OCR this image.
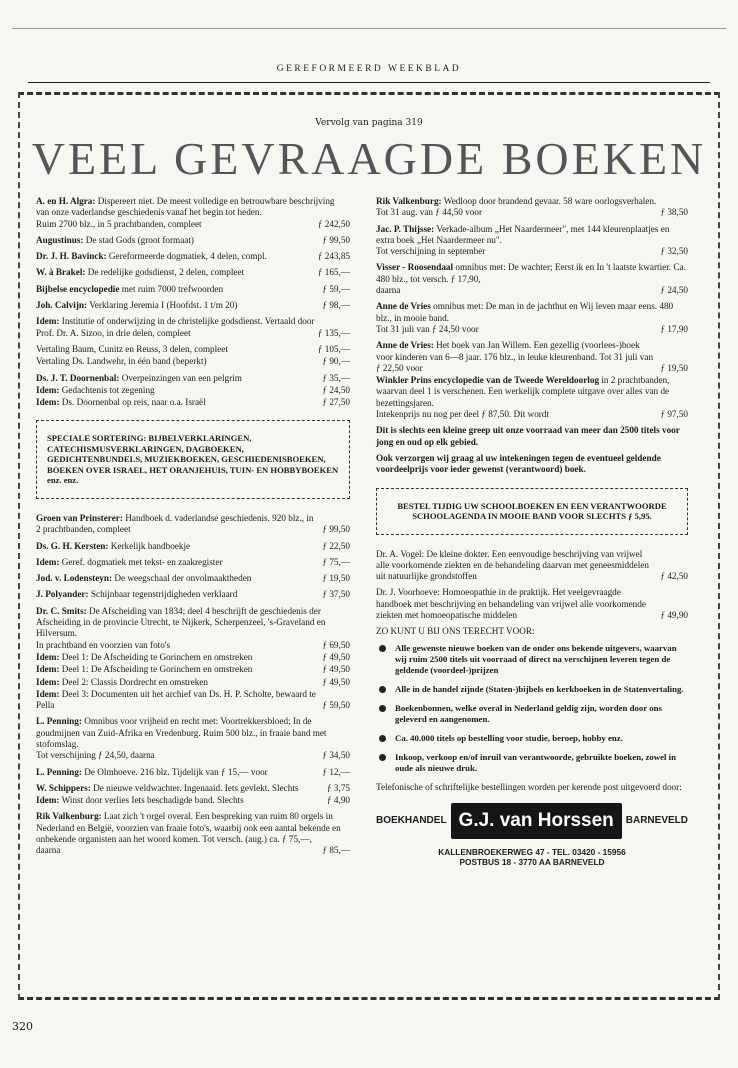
GEREFORMEERD WEEKBLAD
Vervolg van pagina 319
VEEL GEVRAAGDE BOEKEN
A. en H. Algra: Dispereert niet. De meest volledige en betrouwbare beschrijving van onze vaderlandse geschiedenis vanaf het begin tot heden.
Ruim 2700 blz., in 5 prachtbanden, compleet	ƒ 242,50
Augustinus: De stad Gods (groot formaat)	ƒ 99,50
Dr. J. H. Bavinck: Gereformeerde dogmatiek, 4 delen, compl.	ƒ 243,85
W. à Brakel: De redelijke godsdienst, 2 delen, compleet	ƒ 165,—
Bijbelse encyclopedie met ruim 7000 trefwoorden	ƒ 59,—
Joh. Calvijn: Verklaring Jeremia I (Hoofdst. 1 t/m 20)	ƒ 98,—
Idem: Institutie of onderwijzing in de christelijke godsdienst. Vertaald door Prof. Dr. A. Sizoo, in drie delen, compleet	ƒ 135,—
Vertaling Baum, Cunitz en Reuss, 3 delen, compleet	ƒ 105,—
Vertaling Ds. Landwehr, in één band (beperkt)	ƒ 90,—
Ds. J. T. Doornenbal: Overpeinzingen van een pelgrim	ƒ 35,—
Idem: Gedachtenis tot zegening	ƒ 24,50
Idem: Ds. Doornenbal op reis, naar o.a. Israël	ƒ 27,50
SPECIALE SORTERING: BIJBELVERKLARINGEN, CATECHISMUSVERKLARINGEN, DAGBOEKEN, GEDICHTENBUNDELS, MUZIEKBOEKEN, GESCHIEDENISBOEKEN, BOEKEN OVER ISRAEL, HET ORANJEHUIS, TUIN- EN HOBBYBOEKEN enz. enz.
Groen van Prinsterer: Handboek d. vaderlandse geschiedenis. 920 blz., in 2 prachtbanden, compleet	ƒ 99,50
Ds. G. H. Kersten: Kerkelijk handboekje	ƒ 22,50
Idem: Geref. dogmatiek met tekst- en zaakregister	ƒ 75,—
Jod. v. Lodensteyn: De weegschaal der onvolmaaktheden	ƒ 19,50
J. Polyander: Schijnbaar tegenstrijdigheden verklaard	ƒ 37,50
Dr. C. Smits: De Afscheiding van 1834; deel 4 beschrijft de geschiedenis der Afscheiding in de provincie Utrecht, te Nijkerk, Scherpenzeel, 's-Graveland en Hilversum.
In prachtband en voorzien van foto's	ƒ 69,50
Idem: Deel 1: De Afscheiding te Gorinchem en omstreken	ƒ 49,50
Idem: Deel 1: De Afscheiding te Gorinchem en omstreken	ƒ 49,50
Idem: Deel 2: Classis Dordrecht en omstreken	ƒ 49,50
Idem: Deel 3: Documenten uit het archief van Ds. H. P. Scholte, bewaard te Pella	ƒ 59,50
L. Penning: Omnibus voor vrijheid en recht met: Voortrekkersbloed; In de goudmijnen van Zuid-Afrika en Vredenburg. Ruim 500 blz., in fraaie band met stofomslag.
Tot verschijning ƒ 24,50, daarna	ƒ 34,50
L. Penning: De Olmhoeve. 216 blz. Tijdelijk van ƒ 15,— voor	ƒ 12,—
W. Schippers: De nieuwe veldwachter. Ingenaaid. Iets gevlekt. Slechts	ƒ 3,75
Idem: Winst door verlies Iets beschadigde band. Slechts	ƒ 4,90
Rik Valkenburg: Laat zich 't orgel overal. Een bespreking van ruim 80 orgels in Nederland en België, voorzien van fraaie foto's, waarbij ook een aantal bekende en onbekende organisten aan het woord komen. Tot versch. (aug.) ca. ƒ 75,—,
daarna	ƒ 85,—
Rik Valkenburg: Wedloop door brandend gevaar. 58 ware oorlogsverhalen. Tot 31 aug. van ƒ 44,50 voor	ƒ 38,50
Jac. P. Thijsse: Verkade-album „Het Naardermeer", met 144 kleurenplaatjes en extra boek „Het Naardermeer nu".
Tot verschijning in september	ƒ 32,50
Visser - Roosendaal omnibus met: De wachter; Eerst ik en In 't laatste kwartier. Ca. 480 blz., tot versch. ƒ 17,90,
daarna	ƒ 24,50
Anne de Vries omnibus met: De man in de jachthut en Wij leven maar eens. 480 blz., in mooie band.
Tot 31 juli van ƒ 24,50 voor	ƒ 17,90
Anne de Vries: Het boek van Jan Willem. Een gezellig (voorlees-)boek voor kinderen van 6—8 jaar. 176 blz., in leuke kleurenband. Tot 31 juli van ƒ 22,50 voor	ƒ 19,50
Winkler Prins encyclopedie van de Tweede Wereldoorlog in 2 prachtbanden, waarvan deel 1 is verschenen. Een werkelijk complete uitgave over alles van de bezettingsjaren.
Intekenprijs nu nog per deel ƒ 87,50. Dit wordt	ƒ 97,50
Dit is slechts een kleine greep uit onze voorraad van meer dan 2500 titels voor jong en oud op elk gebied.
Ook verzorgen wij graag al uw intekeningen tegen de eventueel geldende voordeelprijs voor ieder gewenst (verantwoord) boek.
BESTEL TIJDIG UW SCHOOLBOEKEN EN EEN VERANTWOORDE SCHOOLAGENDA IN MOOIE BAND VOOR SLECHTS ƒ 5,95.
Dr. A. Vogel: De kleine dokter. Een eenvoudige beschrijving van vrijwel alle voorkomende ziekten en de behandeling daarvan met geneesmiddelen uit natuurlijke grondstoffen	ƒ 42,50
Dr. J. Voorhoeve: Homoeopathie in de praktijk. Het veelgevraagde handboek met beschrijving en behandeling van vrijwel alle voorkomende ziekten met homoeopatische middelen	ƒ 49,90
ZO KUNT U BIJ ONS TERECHT VOOR:
Alle gewenste nieuwe boeken van de onder ons bekende uitgevers, waarvan wij ruim 2500 titels uit voorraad of direct na verschijnen leveren tegen de geldende (voordeel-)prijzen
Alle in de handel zijnde (Staten-)bijbels en kerkboeken in de Statenvertaling.
Boekenbonnen, welke overal in Nederland geldig zijn, worden door ons geleverd en aangenomen.
Ca. 40.000 titels op bestelling voor studie, beroep, hobby enz.
Inkoop, verkoop en/of inruil van verantwoorde, gebruikte boeken, zowel in oude als nieuwe druk.
Telefonische of schriftelijke bestellingen worden per kerende post uitgevoerd door:
BOEKHANDEL G.J. van Horssen	BARNEVELD
KALLENBROEKERWEG 47 - TEL. 03420 - 15956
POSTBUS 18 - 3770 AA BARNEVELD
320
